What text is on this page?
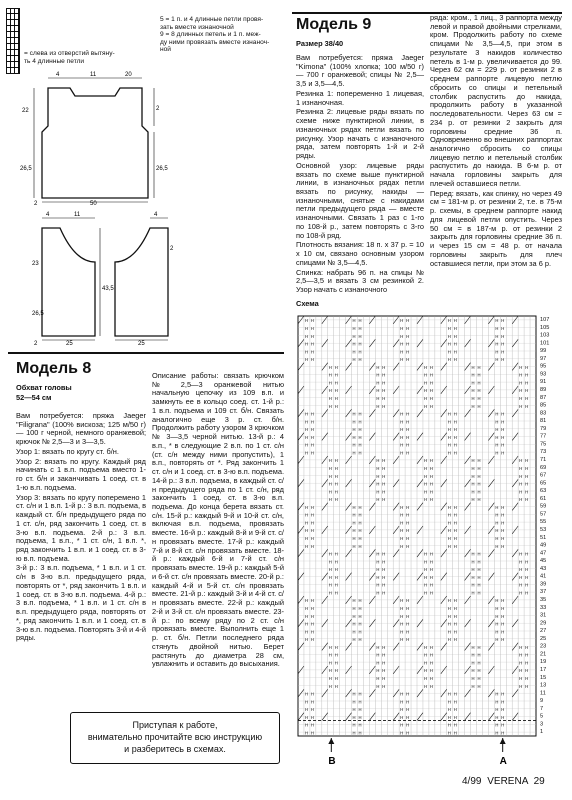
4	11	20
22
26,5	26,5
2
50
2
4	11	4
23
43,5
26,5
2
25
2	25
= слева из отверстий вытяну-
ть 4 длинные петли
5 = 1 п. и 4 длинные петли провя-
зать вместе изнаночной
9 = 8 длинных петель и 1 п. меж-
ду ними провязать вместе изнаноч-
ной
Модель 8
Обхват головы
52—54 см

Вам потребуется: пряжа Jaeger "Filigrana" (100% вискоза; 125 м/50 г) — 100 г черной, немного оранжевой; крючок № 2,5—3 и 3—3,5.

Узор 1: вязать по кругу ст. б/н.

Узор 2: вязать по кругу. Каждый ряд начинать с 1 в.п. подъема вместо 1-го ст. б/н и заканчивать 1 соед. ст. в 1-ю в.п. подъема.

Узор 3: вязать по кругу поперемено 1 ст. с/н и 1 в.п. 1-й р.: 3 в.п. подъема, в каждый ст. б/н предыдущего ряда по 1 ст. с/н, ряд закончить 1 соед. ст. в 3-ю в.п. подъема. 2-й р.: 3 в.п. подъема, 1 в.п., * 1 ст. с/н, 1 в.п. *, ряд закончить 1 в.п. и 1 соед. ст. в 3-ю в.п. подъема.

3-й р.: 3 в.п. подъема, * 1 в.п. и 1 ст. с/н в 3-ю в.п. предыдущего ряда, повторять от *, ряд закончить 1 в.п. и 1 соед. ст. в 3-ю в.п. подъема. 4-й р.: 3 в.п. подъема, * 1 в.п. и 1 ст. с/н в в.п. предыдущего ряда, повторять от *, ряд закончить 1 в.п. и 1 соед. ст. в 3-ю в.п. подъема. Повторять 3-й и 4-й ряды.

Описание работы: связать крючком № 2,5—3 оранжевой нитью начальную цепочку из 109 в.п. и замкнуть ее в кольцо соед. ст. 1-й р.: 1 в.п. подъема и 109 ст. б/н. Связать аналогично еще 3 р. ст. б/н. Продолжить работу узором 3 крючком № 3—3,5 черной нитью. 13-й р.: 4 в.п., * в следующие 2 в.п. по 1 ст. с/н (ст. с/н между ними пропустить), 1 в.п., повторять от *. Ряд закончить 1 ст. с/н и 1 соед. ст. в 3-ю в.п. подъема. 14-й р.: 3 в.п. подъема, в каждый ст. с/н предыдущего ряда по 1 ст. с/н, ряд закончить 1 соед. ст. в 3-ю в.п. подъема. До конца берета вязать ст. с/н. 15-й р.: каждый 9-й и 10-й ст. с/н, включая в.п. подъема, провязать вместе. 16-й р.: каждый 8-й и 9-й ст. с/н провязать вместе. 17-й р.: каждый 7-й и 8-й ст. с/н провязать вместе. 18-й р.: каждый 6-й и 7-й ст. с/н провязать вместе. 19-й р.: каждый 5-й и 6-й ст. с/н провязать вместе. 20-й р.: каждый 4-й и 5-й ст. с/н провязать вместе. 21-й р.: каждый 3-й и 4-й ст. с/н провязать вместе. 22-й р.: каждый 2-й и 3-й ст. с/н провязать вместе. 23-й р.: по всему ряду по 2 ст. с/н провязать вместе. Выполнить еще 1 р. ст. б/н. Петли последнего ряда стянуть двойной нитью. Берет растянуть до диаметра 28 см, увлажнить и оставить до высыхания.

Приступая к работе,
внимательно прочитайте всю инструкцию
и разберитесь в схемах.
Модель 9
Размер 38/40

Вам потребуется: пряжа Jaeger "Kimona" (100% хлопка; 100 м/50 г) — 700 г оранжевой; спицы № 2,5—3,5 и 3,5—4,5.

Резинка 1: попеременно 1 лицевая, 1 изнаночная.

Резинка 2: лицевые ряды вязать по схеме ниже пунктирной линии, в изнаночных рядах петли вязать по рисунку. Узор начать с изнаночного ряда, затем повторять 1-й и 2-й ряды.

Основной узор: лицевые ряды вязать по схеме выше пунктирной линии, в изнаночных рядах петли вязать по рисунку, накиды — изнаночными, снятые с накидами петли предыдущего ряда — вместе изнаночными. Связать 1 раз с 1-го по 108-й р., затем повторять с 3-го по 108-й ряд.

Плотность вязания: 18 п. х 37 р. = 10 х 10 см, связано основным узором спицами № 3,5—4,5.

Спинка: набрать 96 п. на спицы № 2,5—3,5 и вязать 3 см резинкой 2. Узор начать с изнаночного

ряда: кром., 1 лиц., 3 раппорта между левой и правой двойными стрелками, кром. Продолжить работу по схеме спицами № 3,5—4,5, при этом в результате 3 накидов количество петель в 1-м р. увеличивается до 99. Через 62 см = 229 р. от резинки 2 в среднем раппорте лицевую петлю сбросить со спицы и петельный столбик распустить до накида, продолжить работу в указанной последовательности. Через 63 см = 234 р. от резинки 2 закрыть для горловины средние 36 п. Одновременно во внешних раппортах аналогично сбросить со спицы лицевую петлю и петельный столбик распустить до накида. В 6-м р. от начала горловины закрыть для плечей оставшиеся петли.

Перед: вязать, как спинку, но через 49 см = 181-м р. от резинки 2, т.е. в 75-м р. схемы, в среднем раппорте накид для лицевой петли опустить. Через 50 см = в 187-м р. от резинки 2 закрыть для горловины средние 36 п. и через 15 см = 48 р. от начала горловины закрыть для плеч оставшиеся петли, при этом за 6 р.

Схема
H
H
H
H
H
H
H
H
H
H
H
H
H
H
H
H
H
H
H
H
H
H
H
H
H
H
H
H
H
H
H
H
H
H
H
H
H
H
H
H
H
H
H
H
H
H
H
H
H
H
H
H
H
H
H
H
H
H
H
H
H
H
H
H
H
H
H
H
H
H
H
H
H
H
H
H
H
H
H
H
H
H
H
H
H
H
H
H
H
H
H
H
H
H
H
H
H
H
H
H
H
H
H
H
H
H
H
H
H
H
H
H
H
H
H
H
H
H
H
H
H
H
H
H
H
H
H
H
H
H
H
H
H
H
H
H
H
H
H
H
H
H
H
H
H
H
H
H
H
H
H
H
H
H
H
H
H
H
H
H
H
H
H
H
H
H
H
H
H
H
H
H
H
H
H
H
H
H
H
H
H
H
H
H
H
H
H
H
H
H
H
H
H
H
H
H
H
H
H
H
H
H
H
H
H
H
H
H
H
H
H
H
H
H
H
H
H
H
H
H
H
H
H
H
H
H
H
H
H
H
H
H
H
H
H
H
H
H
H
H
H
H
H
H
H
H
H
H
H
H
H
H
H
H
H
H
H
H
H
H
H
H
H
H
H
H
H
H
H
H
H
H
H
H
H
H
H
H
H
H
H
H
H
H
H
H
H
H
H
H
H
H
H
H
H
H
H
H
H
H
H
H
H
H
H
H
H
H
H
H
H
H
H
H
H
H
H
H
H
H
H
H
H
H
H
H
H
H
H
H
H
H
H
H
H
H
H
H
H
H
H
H
H
H
H
H
H
H
H
H
H
H
H
H
H
H
H
H
H
H
H
H
H
H
H
H
H
H
H
H
H
H
H
H
H
H
H
H
H
H
H
H
H
H
H
H
H
H
H
H
H
H
H
H
H
H
H
H
H
H
H
H
H
H
H
H
H
H
H
H
H
H
H
H
H
H
H
H
H
H
H
H
H
H
H
H
H
H
H
H
H
H
H
H
H
H
H
H
H
H
H
H
H
H
H
H
H
H
H
H
H
H
H
H
H
H
H
H
H
H
H
H
H
H
H
H
H
H
H
H
H
H
H
H
H
H
H
H
H
H
H
H
H
H
H
H
H
H
H
H
H
H
H
H
H
H
H
H
H
H
H
H
H
H
H
H
H
H
H
H
H
H
H
H
H
H
H
H
H
H
H
H
H
H
H
H
H
H
H
H
H
H
H
H
H
H
H
H
H
H
107
105
103
101
99
97
95
93
91
89
87
85
83
81
79
77
75
73
71
69
67
65
63
61
59
57
55
53
51
49
47
45
43
41
39
37
35
33
31
29
27
25
23
21
19
17
15
13
11
9
7
5
3
1
B	A
4/99 VERENA 29
